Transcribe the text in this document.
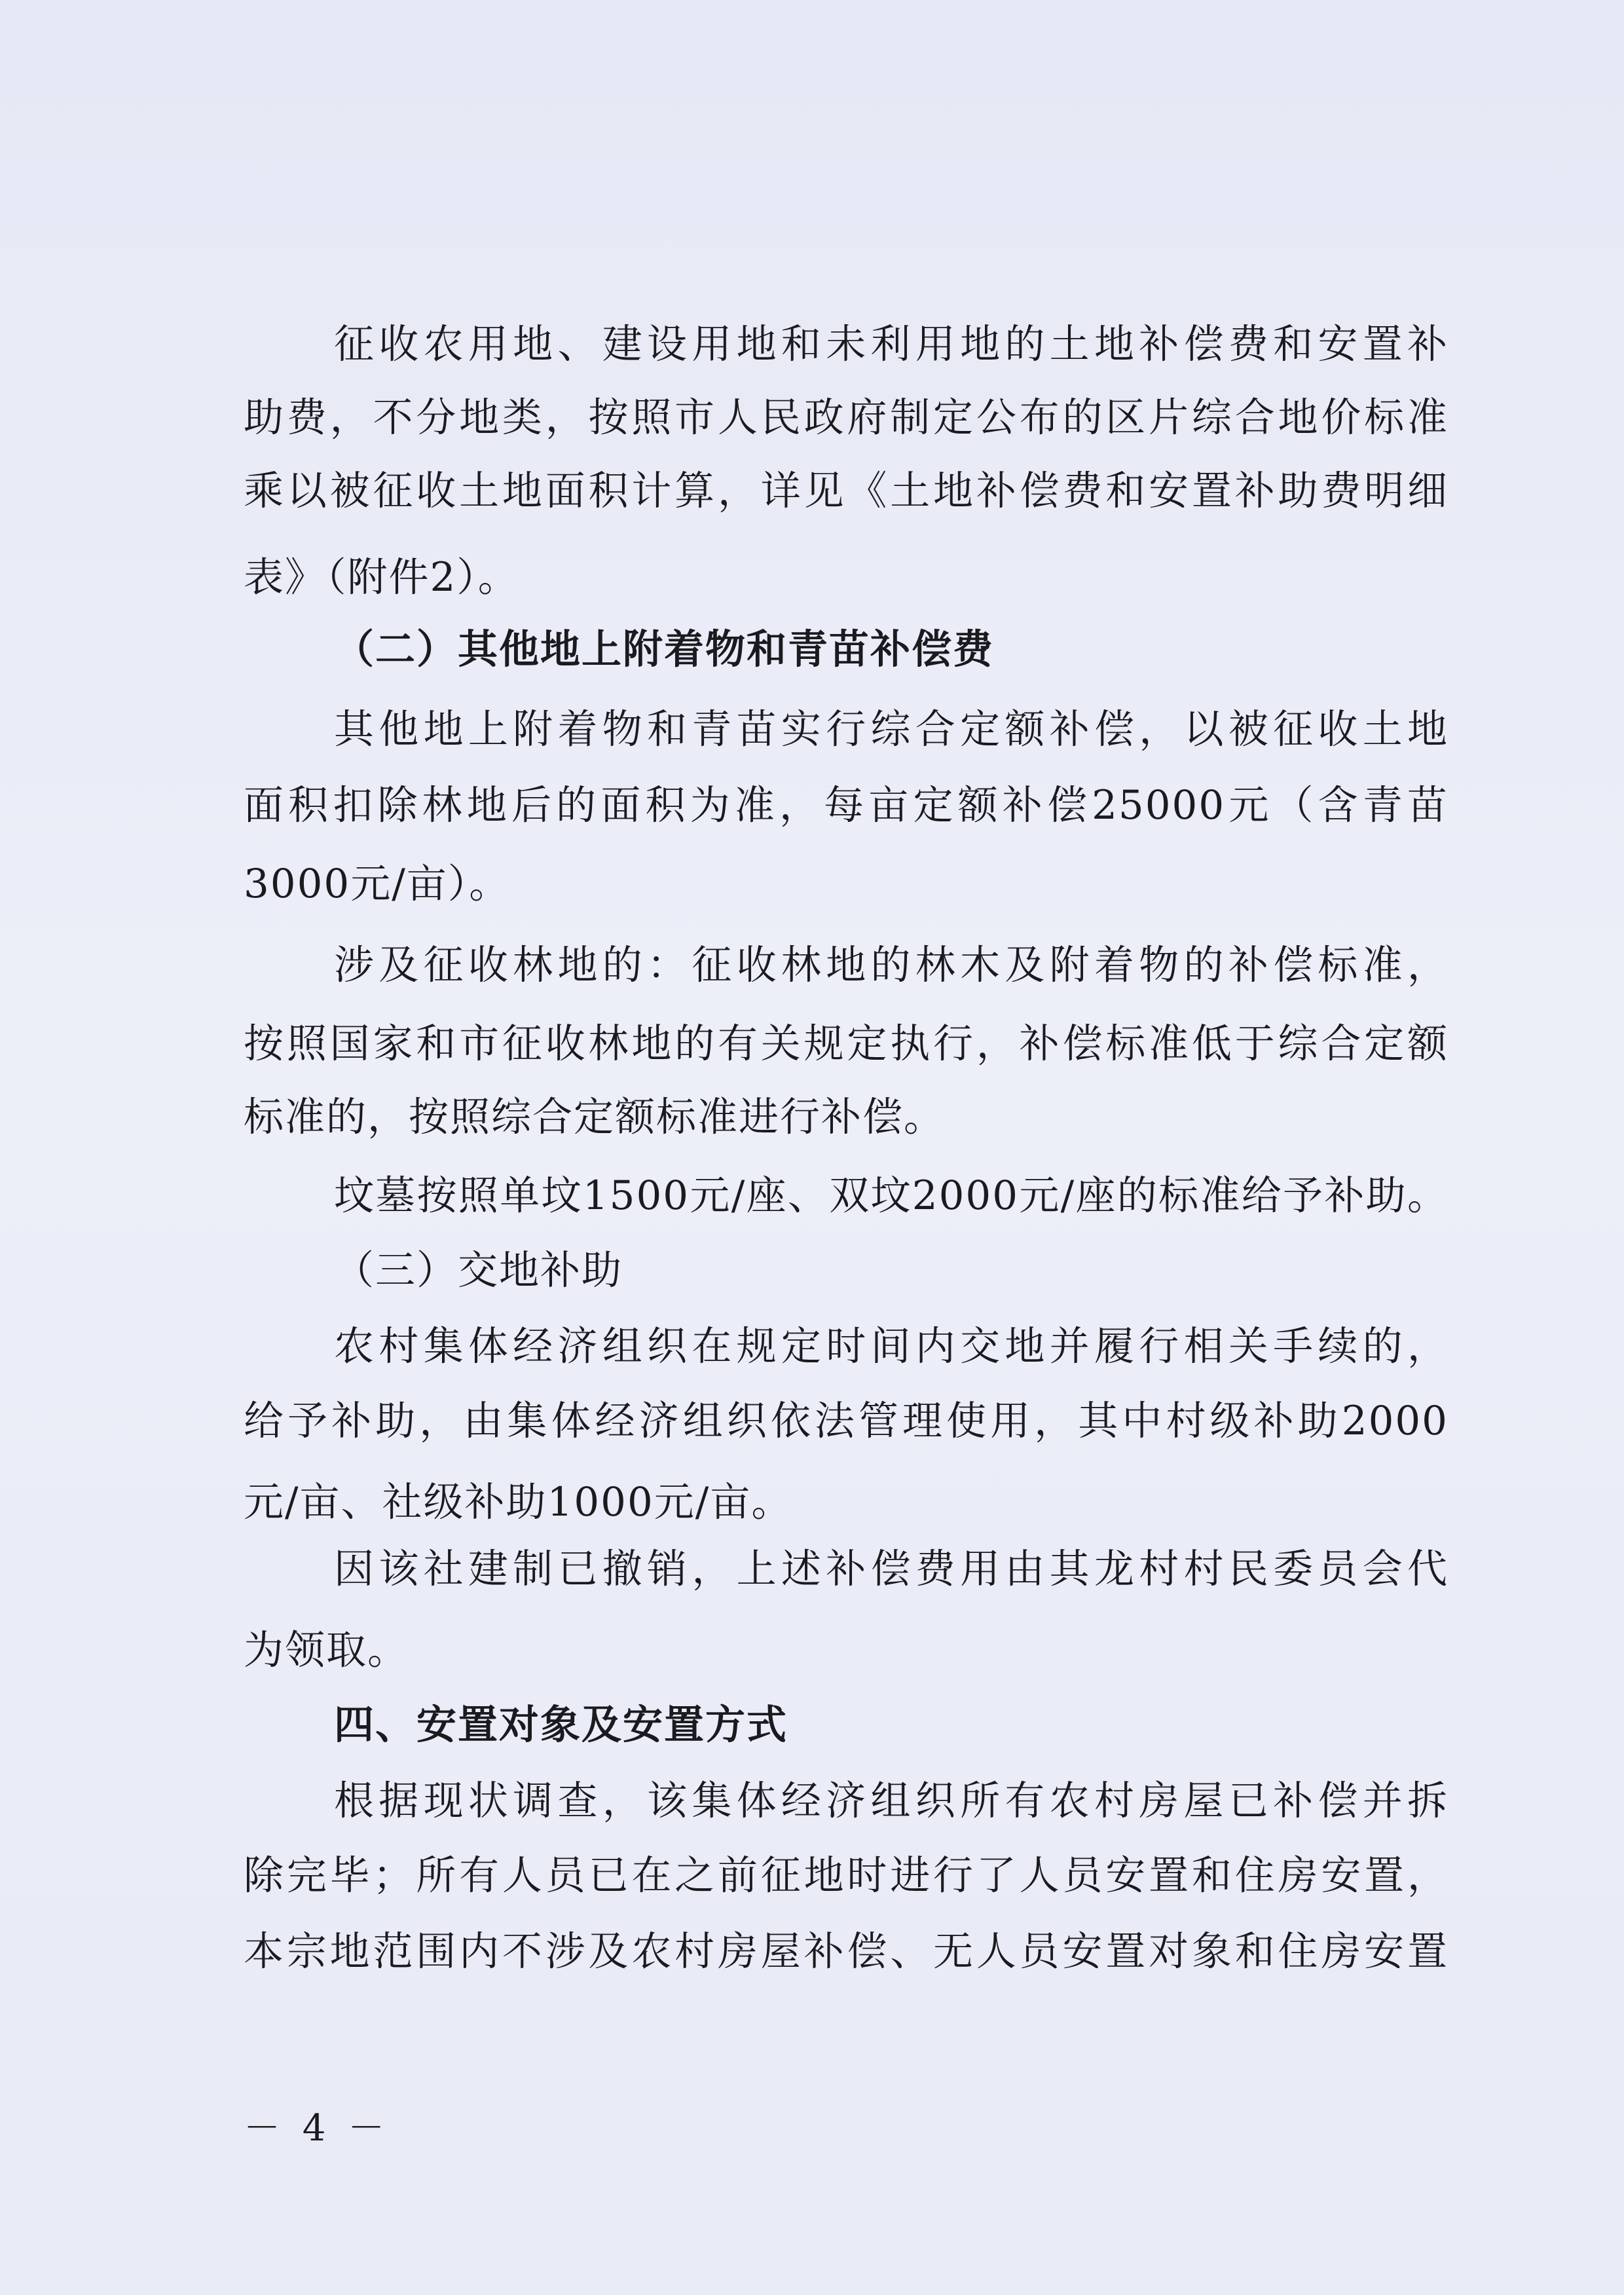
征收农用地、建设用地和未利用地的土地补偿费和安置补
助费，不分地类，按照市人民政府制定公布的区片综合地价标准
乘以被征收土地面积计算，详见《土地补偿费和安置补助费明细
表》（附件2）。
（二）其他地上附着物和青苗补偿费
其他地上附着物和青苗实行综合定额补偿，以被征收土地
面积扣除林地后的面积为准，每亩定额补偿25000元（含青苗
3000元/亩）。
涉及征收林地的：征收林地的林木及附着物的补偿标准，
按照国家和市征收林地的有关规定执行，补偿标准低于综合定额
标准的，按照综合定额标准进行补偿。
坟墓按照单坟1500元/座、双坟2000元/座的标准给予补助。
（三）交地补助
农村集体经济组织在规定时间内交地并履行相关手续的，
给予补助，由集体经济组织依法管理使用，其中村级补助2000
元/亩、社级补助1000元/亩。
因该社建制已撤销，上述补偿费用由其龙村村民委员会代
为领取。
四、安置对象及安置方式
根据现状调查，该集体经济组织所有农村房屋已补偿并拆
除完毕；所有人员已在之前征地时进行了人员安置和住房安置，
本宗地范围内不涉及农村房屋补偿、无人员安置对象和住房安置
－ 4 －
